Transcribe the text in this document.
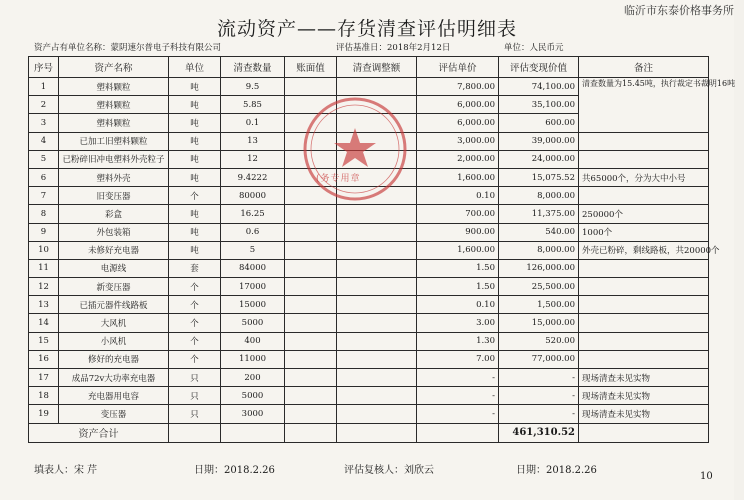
临沂市东泰价格事务所
流动资产——存货清查评估明细表
资产占有单位名称：蒙阴速尔普电子科技有限公司	评估基准日：2018年2月12日	单位：人民币元
序号	资产名称	单位	清查数量	账面值	清查调整额	评估单价	评估变现价值	备注
1	塑料颗粒	吨	9.5			7,800.00	74,100.00	清查数量为15.45吨，执行裁定书裁明16吨
2	塑料颗粒	吨	5.85			6,000.00	35,100.00	
3	塑料颗粒	吨	0.1			6,000.00	600.00	
4	已加工旧塑料颗粒	吨	13			3,000.00	39,000.00	
5	已粉碎旧冲电塑料外壳粒子	吨	12			2,000.00	24,000.00	
6	塑料外壳	吨	9.4222			1,600.00	15,075.52	共65000个，分为大中小号
7	旧变压器	个	80000			0.10	8,000.00	
8	彩盒	吨	16.25			700.00	11,375.00	250000个
9	外包装箱	吨	0.6			900.00	540.00	1000个
10	未修好充电器	吨	5			1,600.00	8,000.00	外壳已粉碎，剩线路板，共20000个
11	电源线	套	84000			1.50	126,000.00	
12	新变压器	个	17000			1.50	25,500.00	
13	已插元器件线路板	个	15000			0.10	1,500.00	
14	大风机	个	5000			3.00	15,000.00	
15	小风机	个	400			1.30	520.00	
16	修好的充电器	个	11000			7.00	77,000.00	
17	成品72v大功率充电器	只	200			-	-	现场清查未见实物
18	充电器用电容	只	5000			-	-	现场清查未见实物
19	变压器	只	3000			-	-	现场清查未见实物
资产合计							461,310.52	
(务专用章
填表人：宋 芹	日期：2018.2.26	评估复核人：刘欣云	日期：2018.2.26
10
